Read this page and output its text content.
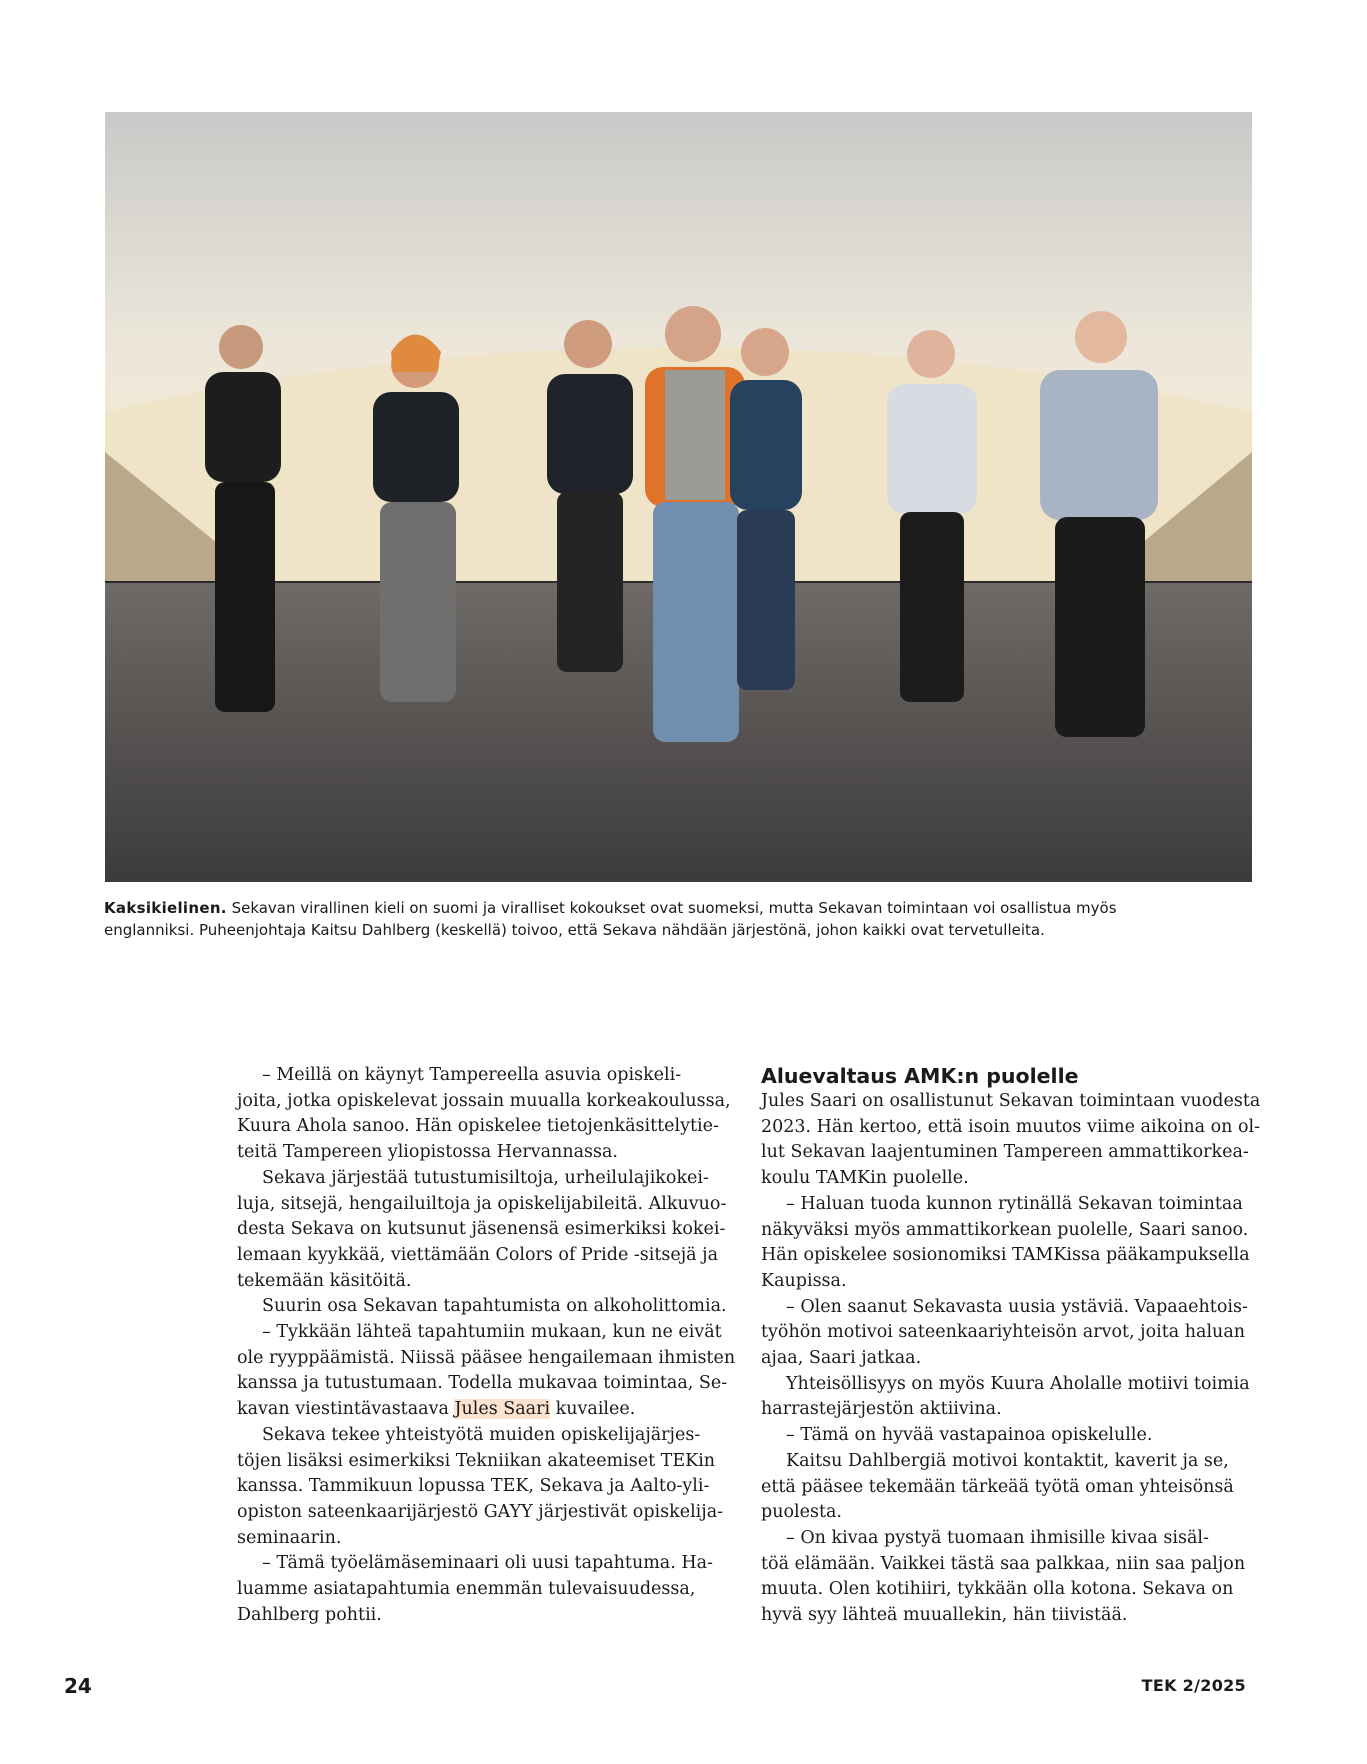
Kaksikielinen. Sekavan virallinen kieli on suomi ja viralliset kokoukset ovat suomeksi, mutta Sekavan toimintaan voi osallistua myös
englanniksi. Puheenjohtaja Kaitsu Dahlberg (keskellä) toivoo, että Sekava nähdään järjestönä, johon kaikki ovat tervetulleita.

– Meillä on käynyt Tampereella asuvia opiskeli-

joita, jotka opiskelevat jossain muualla korkeakoulussa,

Kuura Ahola sanoo. Hän opiskelee tietojenkäsittelytie-

teitä Tampereen yliopistossa Hervannassa.

Sekava järjestää tutustumisiltoja, urheilulajikokei-

luja, sitsejä, hengailuiltoja ja opiskelijabileitä. Alkuvuo-

desta Sekava on kutsunut jäsenensä esimerkiksi kokei-

lemaan kyykkää, viettämään Colors of Pride -sitsejä ja

tekemään käsitöitä.

Suurin osa Sekavan tapahtumista on alkoholittomia.

– Tykkään lähteä tapahtumiin mukaan, kun ne eivät

ole ryyppäämistä. Niissä pääsee hengailemaan ihmisten

kanssa ja tutustumaan. Todella mukavaa toimintaa, Se-

kavan viestintävastaava Jules Saari kuvailee.

Sekava tekee yhteistyötä muiden opiskelijajärjes-

töjen lisäksi esimerkiksi Tekniikan akateemiset TEKin

kanssa. Tammikuun lopussa TEK, Sekava ja Aalto-yli-

opiston sateenkaarijärjestö GAYY järjestivät opiskelija-

seminaarin.

– Tämä työelämäseminaari oli uusi tapahtuma. Ha-

luamme asiatapahtumia enemmän tulevaisuudessa,

Dahlberg pohtii.

Aluevaltaus AMK:n puolelle

Jules Saari on osallistunut Sekavan toimintaan vuodesta

2023. Hän kertoo, että isoin muutos viime aikoina on ol-

lut Sekavan laajentuminen Tampereen ammattikorkea-

koulu TAMKin puolelle.

– Haluan tuoda kunnon rytinällä Sekavan toimintaa

näkyväksi myös ammattikorkean puolelle, Saari sanoo.

Hän opiskelee sosionomiksi TAMKissa pääkampuksella

Kaupissa.

– Olen saanut Sekavasta uusia ystäviä. Vapaaehtois-

työhön motivoi sateenkaariyhteisön arvot, joita haluan

ajaa, Saari jatkaa.

Yhteisöllisyys on myös Kuura Aholalle motiivi toimia

harrastejärjestön aktiivina.

– Tämä on hyvää vastapainoa opiskelulle.

Kaitsu Dahlbergiä motivoi kontaktit, kaverit ja se,

että pääsee tekemään tärkeää työtä oman yhteisönsä

puolesta.

– On kivaa pystyä tuomaan ihmisille kivaa sisäl-

töä elämään. Vaikkei tästä saa palkkaa, niin saa paljon

muuta. Olen kotihiiri, tykkään olla kotona. Sekava on

hyvä syy lähteä muuallekin, hän tiivistää.

24	TEK 2/2025
